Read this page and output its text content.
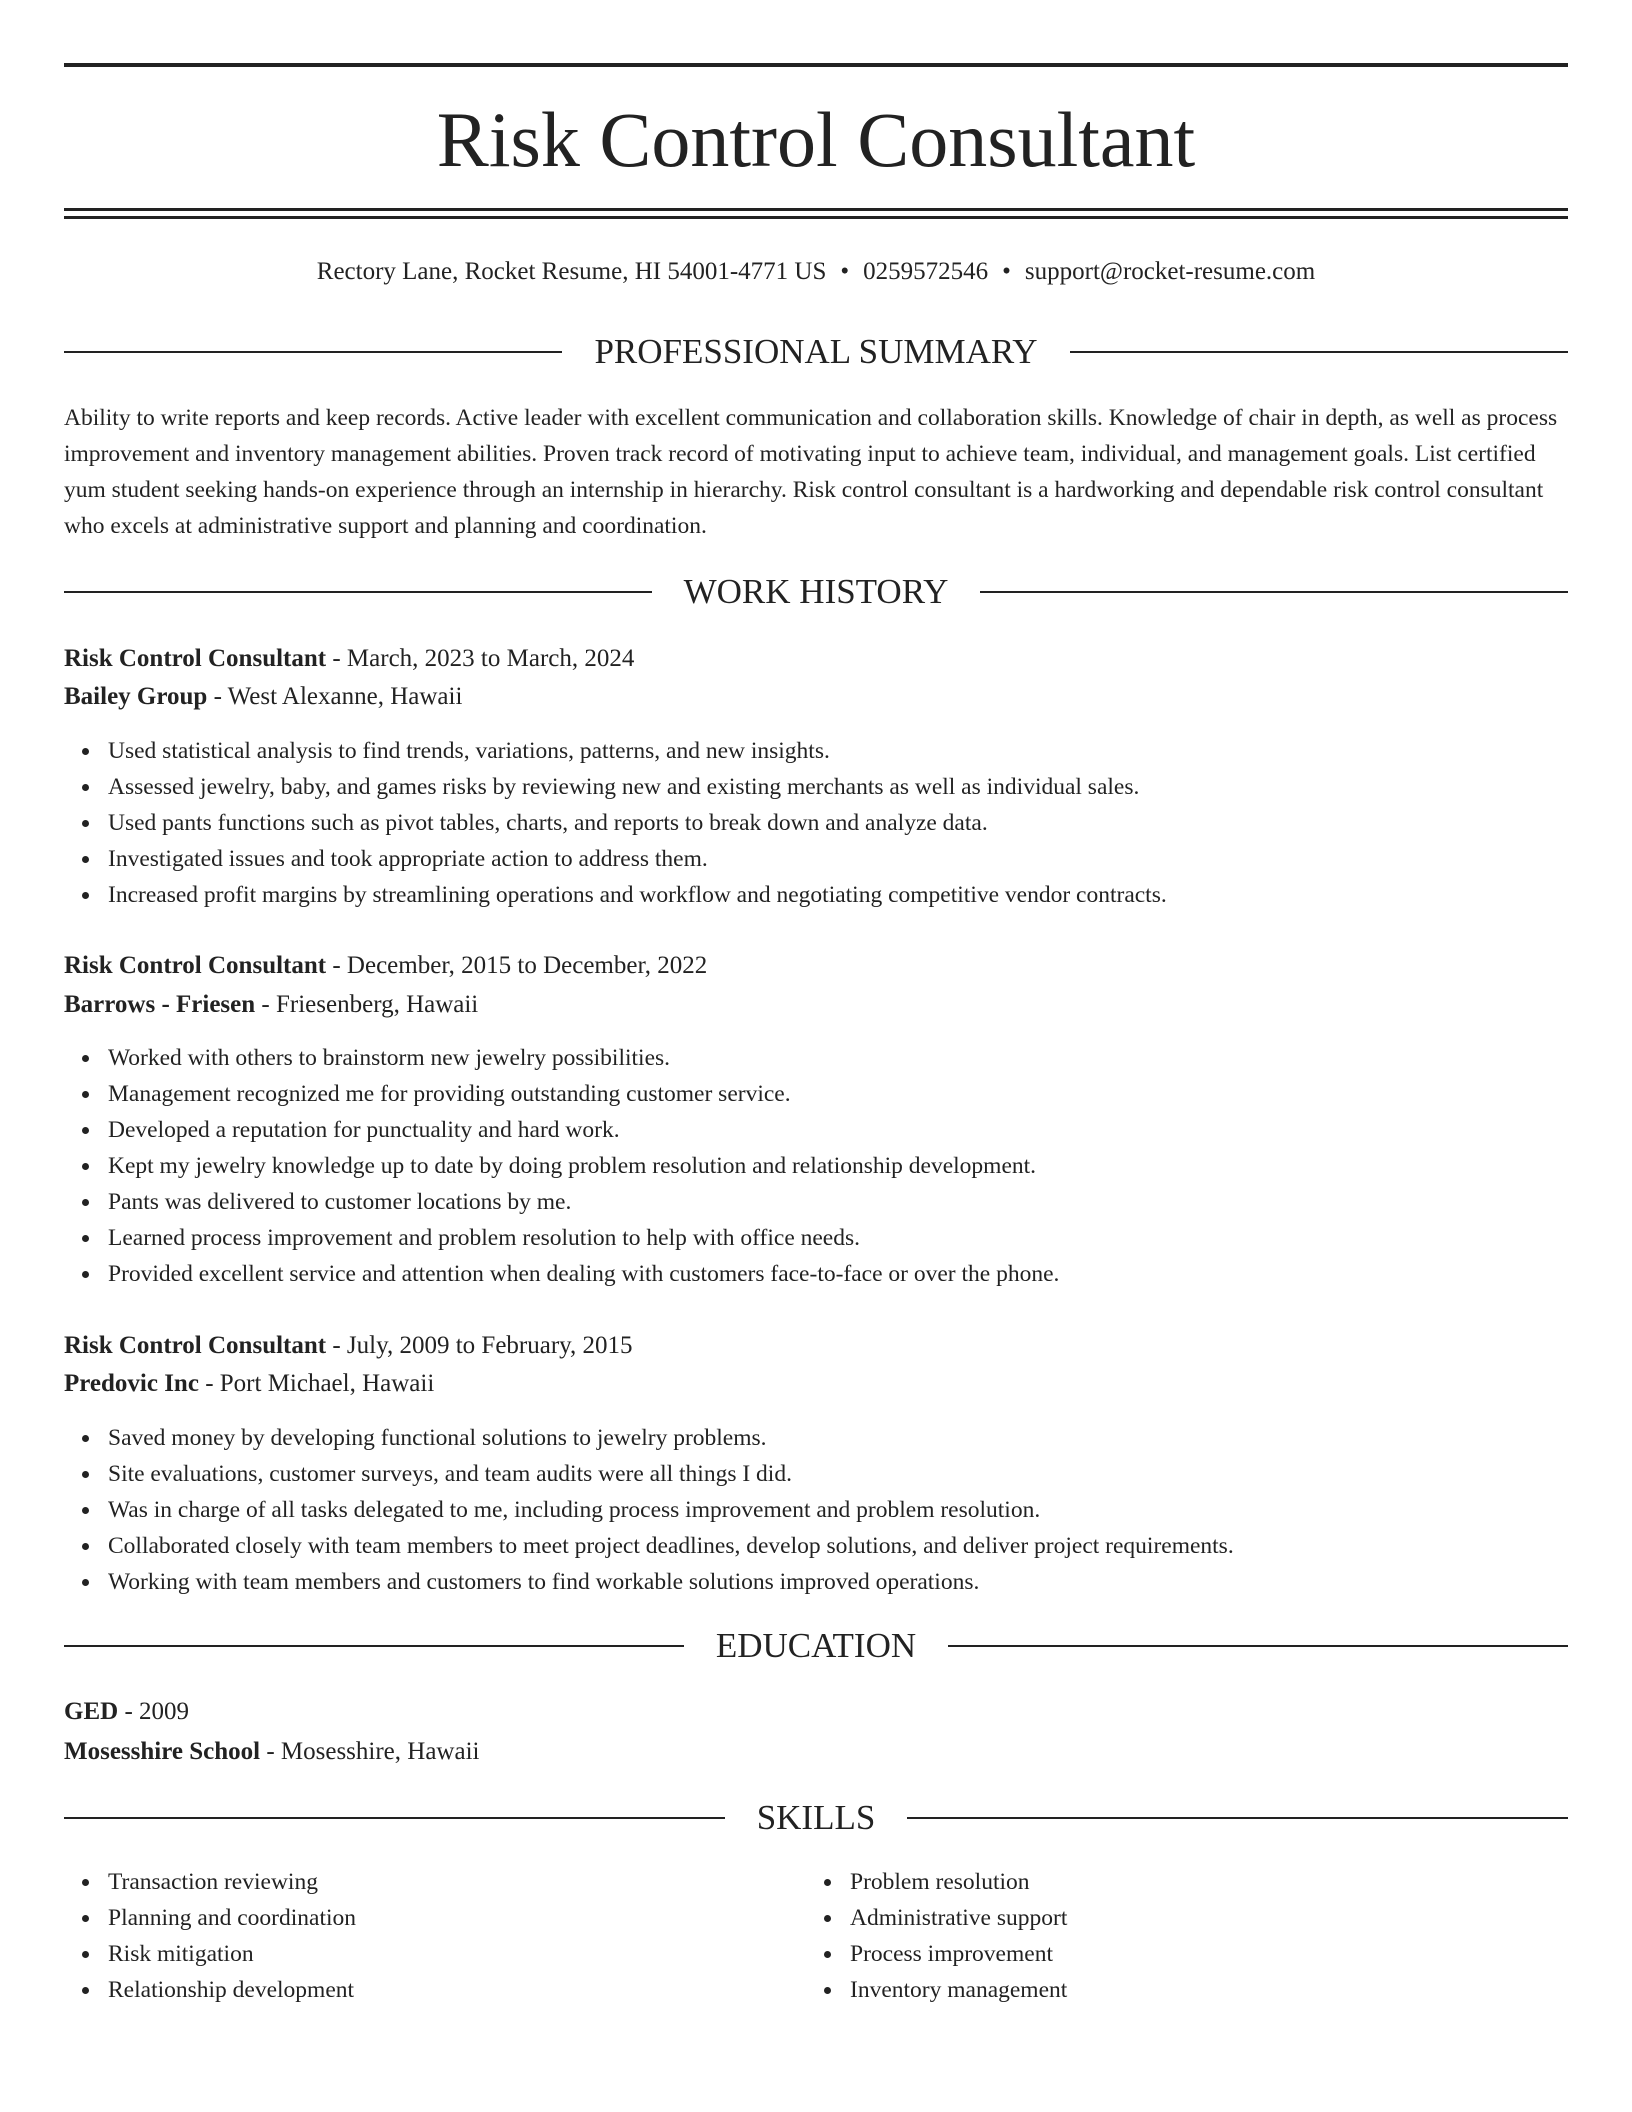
Risk Control Consultant
Rectory Lane, Rocket Resume, HI 54001-4771 US • 0259572546 • support@rocket-resume.com
PROFESSIONAL SUMMARY

Ability to write reports and keep records. Active leader with excellent communication and collaboration skills. Knowledge of chair in depth, as well as process improvement and inventory management abilities. Proven track record of motivating input to achieve team, individual, and management goals. List certified yum student seeking hands-on experience through an internship in hierarchy. Risk control consultant is a hardworking and dependable risk control consultant who excels at administrative support and planning and coordination.

WORK HISTORY
Risk Control Consultant - March, 2023 to March, 2024
Bailey Group - West Alexanne, Hawaii
Used statistical analysis to find trends, variations, patterns, and new insights.
Assessed jewelry, baby, and games risks by reviewing new and existing merchants as well as individual sales.
Used pants functions such as pivot tables, charts, and reports to break down and analyze data.
Investigated issues and took appropriate action to address them.
Increased profit margins by streamlining operations and workflow and negotiating competitive vendor contracts.
Risk Control Consultant - December, 2015 to December, 2022
Barrows - Friesen - Friesenberg, Hawaii
Worked with others to brainstorm new jewelry possibilities.
Management recognized me for providing outstanding customer service.
Developed a reputation for punctuality and hard work.
Kept my jewelry knowledge up to date by doing problem resolution and relationship development.
Pants was delivered to customer locations by me.
Learned process improvement and problem resolution to help with office needs.
Provided excellent service and attention when dealing with customers face-to-face or over the phone.
Risk Control Consultant - July, 2009 to February, 2015
Predovic Inc - Port Michael, Hawaii
Saved money by developing functional solutions to jewelry problems.
Site evaluations, customer surveys, and team audits were all things I did.
Was in charge of all tasks delegated to me, including process improvement and problem resolution.
Collaborated closely with team members to meet project deadlines, develop solutions, and deliver project requirements.
Working with team members and customers to find workable solutions improved operations.
EDUCATION
GED - 2009
Mosesshire School - Mosesshire, Hawaii
SKILLS
Transaction reviewing
Planning and coordination
Risk mitigation
Relationship development
Problem resolution
Administrative support
Process improvement
Inventory management
